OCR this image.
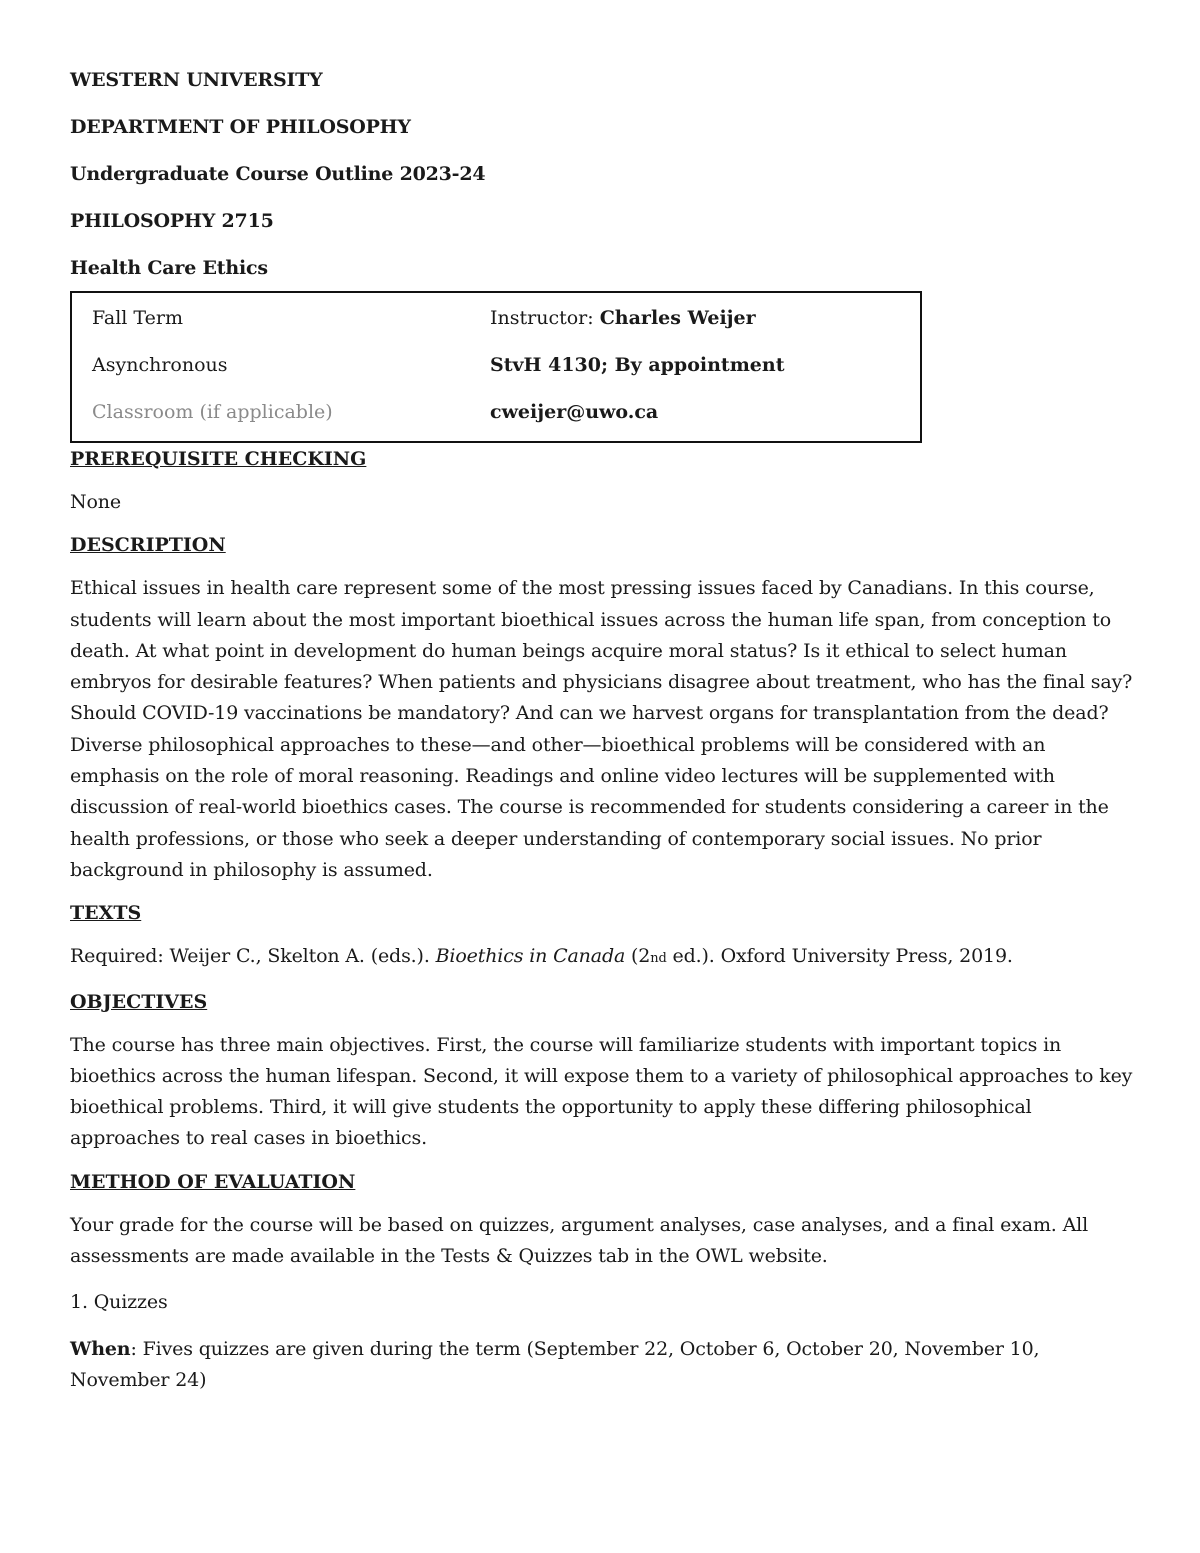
WESTERN UNIVERSITY
DEPARTMENT OF PHILOSOPHY
Undergraduate Course Outline 2023-24
PHILOSOPHY 2715
Health Care Ethics
Fall Term	Instructor: Charles Weijer
Asynchronous	StvH 4130; By appointment
Classroom (if applicable)	cweijer@uwo.ca
PREREQUISITE CHECKING
None
DESCRIPTION
Ethical issues in health care represent some of the most pressing issues faced by Canadians. In this course, students will learn about the most important bioethical issues across the human life span, from conception to death. At what point in development do human beings acquire moral status? Is it ethical to select human embryos for desirable features? When patients and physicians disagree about treatment, who has the final say? Should COVID-19 vaccinations be mandatory? And can we harvest organs for transplantation from the dead? Diverse philosophical approaches to these—and other—bioethical problems will be considered with an emphasis on the role of moral reasoning. Readings and online video lectures will be supplemented with discussion of real-world bioethics cases. The course is recommended for students considering a career in the health professions, or those who seek a deeper understanding of contemporary social issues. No prior background in philosophy is assumed.
TEXTS
Required: Weijer C., Skelton A. (eds.). Bioethics in Canada (2nd ed.). Oxford University Press, 2019.
OBJECTIVES
The course has three main objectives. First, the course will familiarize students with important topics in bioethics across the human lifespan. Second, it will expose them to a variety of philosophical approaches to key bioethical problems. Third, it will give students the opportunity to apply these differing philosophical approaches to real cases in bioethics.
METHOD OF EVALUATION
Your grade for the course will be based on quizzes, argument analyses, case analyses, and a final exam. All assessments are made available in the Tests & Quizzes tab in the OWL website.
1. Quizzes
When: Fives quizzes are given during the term (September 22, October 6, October 20, November 10, November 24)
